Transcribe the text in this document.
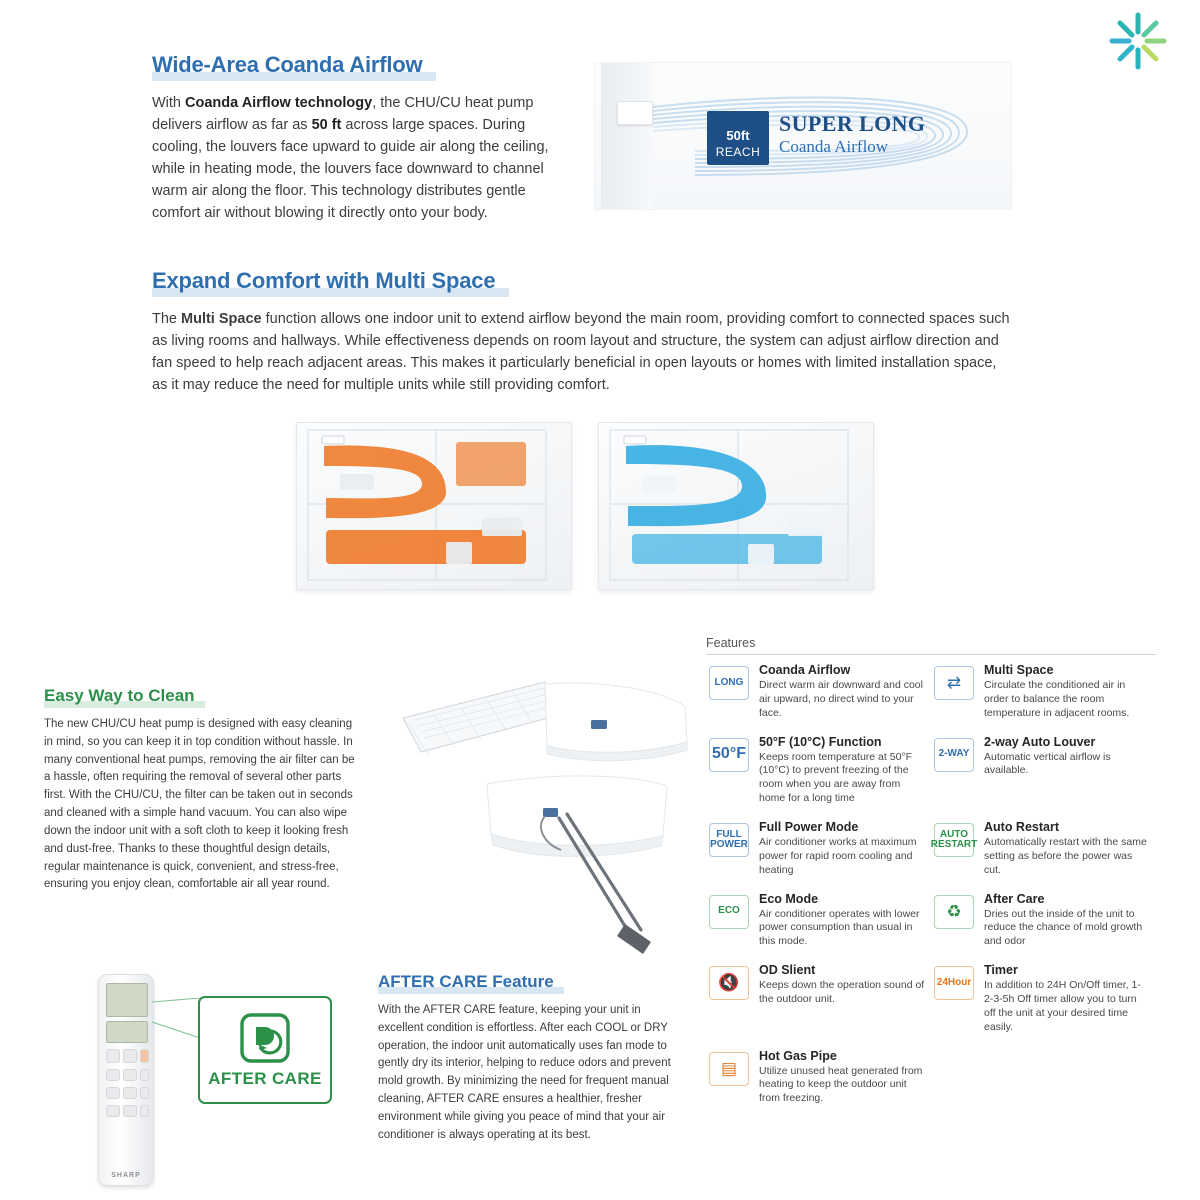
Wide-Area Coanda Airflow

With Coanda Airflow technology, the CHU/CU heat pump delivers airflow as far as 50 ft across large spaces. During cooling, the louvers face upward to guide air along the ceiling, while in heating mode, the louvers face downward to channel warm air along the floor. This technology distributes gentle comfort air without blowing it directly onto your body.

50ft
REACH
SUPER LONG
Coanda Airflow
Expand Comfort with Multi Space

The Multi Space function allows one indoor unit to extend airflow beyond the main room, providing comfort to connected spaces such as living rooms and hallways. While effectiveness depends on room layout and structure, the system can adjust airflow direction and fan speed to help reach adjacent areas. This makes it particularly beneficial in open layouts or homes with limited installation space, as it may reduce the need for multiple units while still providing comfort.

Easy Way to Clean

The new CHU/CU heat pump is designed with easy cleaning in mind, so you can keep it in top condition without hassle. In many conventional heat pumps, removing the air filter can be a hassle, often requiring the removal of several other parts first. With the CHU/CU, the filter can be taken out in seconds and cleaned with a simple hand vacuum. You can also wipe down the indoor unit with a soft cloth to keep it looking fresh and dust-free. Thanks to these thoughtful design details, regular maintenance is quick, convenient, and stress-free, ensuring you enjoy clean, comfortable air all year round.

SHARP
AFTER CARE
AFTER CARE Feature

With the AFTER CARE feature, keeping your unit in excellent condition is effortless. After each COOL or DRY operation, the indoor unit automatically uses fan mode to gently dry its interior, helping to reduce odors and prevent mold growth. By minimizing the need for frequent manual cleaning, AFTER CARE ensures a healthier, fresher environment while giving you peace of mind that your air conditioner is always operating at its best.

Features
LONG
Coanda Airflow
Direct warm air downward and cool air upward, no direct wind to your face.
⇄
Multi Space
Circulate the conditioned air in order to balance the room temperature in adjacent rooms.
50°F
50°F (10°C) Function
Keeps room temperature at 50°F (10°C) to prevent freezing of the room when you are away from home for a long time
2-WAY
2-way Auto Louver
Automatic vertical airflow is available.
FULL
POWER
Full Power Mode
Air conditioner works at maximum power for rapid room cooling and heating
AUTO
RESTART
Auto Restart
Automatically restart with the same setting as before the power was cut.
ECO
Eco Mode
Air conditioner operates with lower power consumption than usual in this mode.
♻
After Care
Dries out the inside of the unit to reduce the chance of mold growth and odor
🔇
OD Slient
Keeps down the operation sound of the outdoor unit.
24Hour
Timer
In addition to 24H On/Off timer, 1-2-3-5h Off timer allow you to turn off the unit at your desired time easily.
▤
Hot Gas Pipe
Utilize unused heat generated from heating to keep the outdoor unit from freezing.
